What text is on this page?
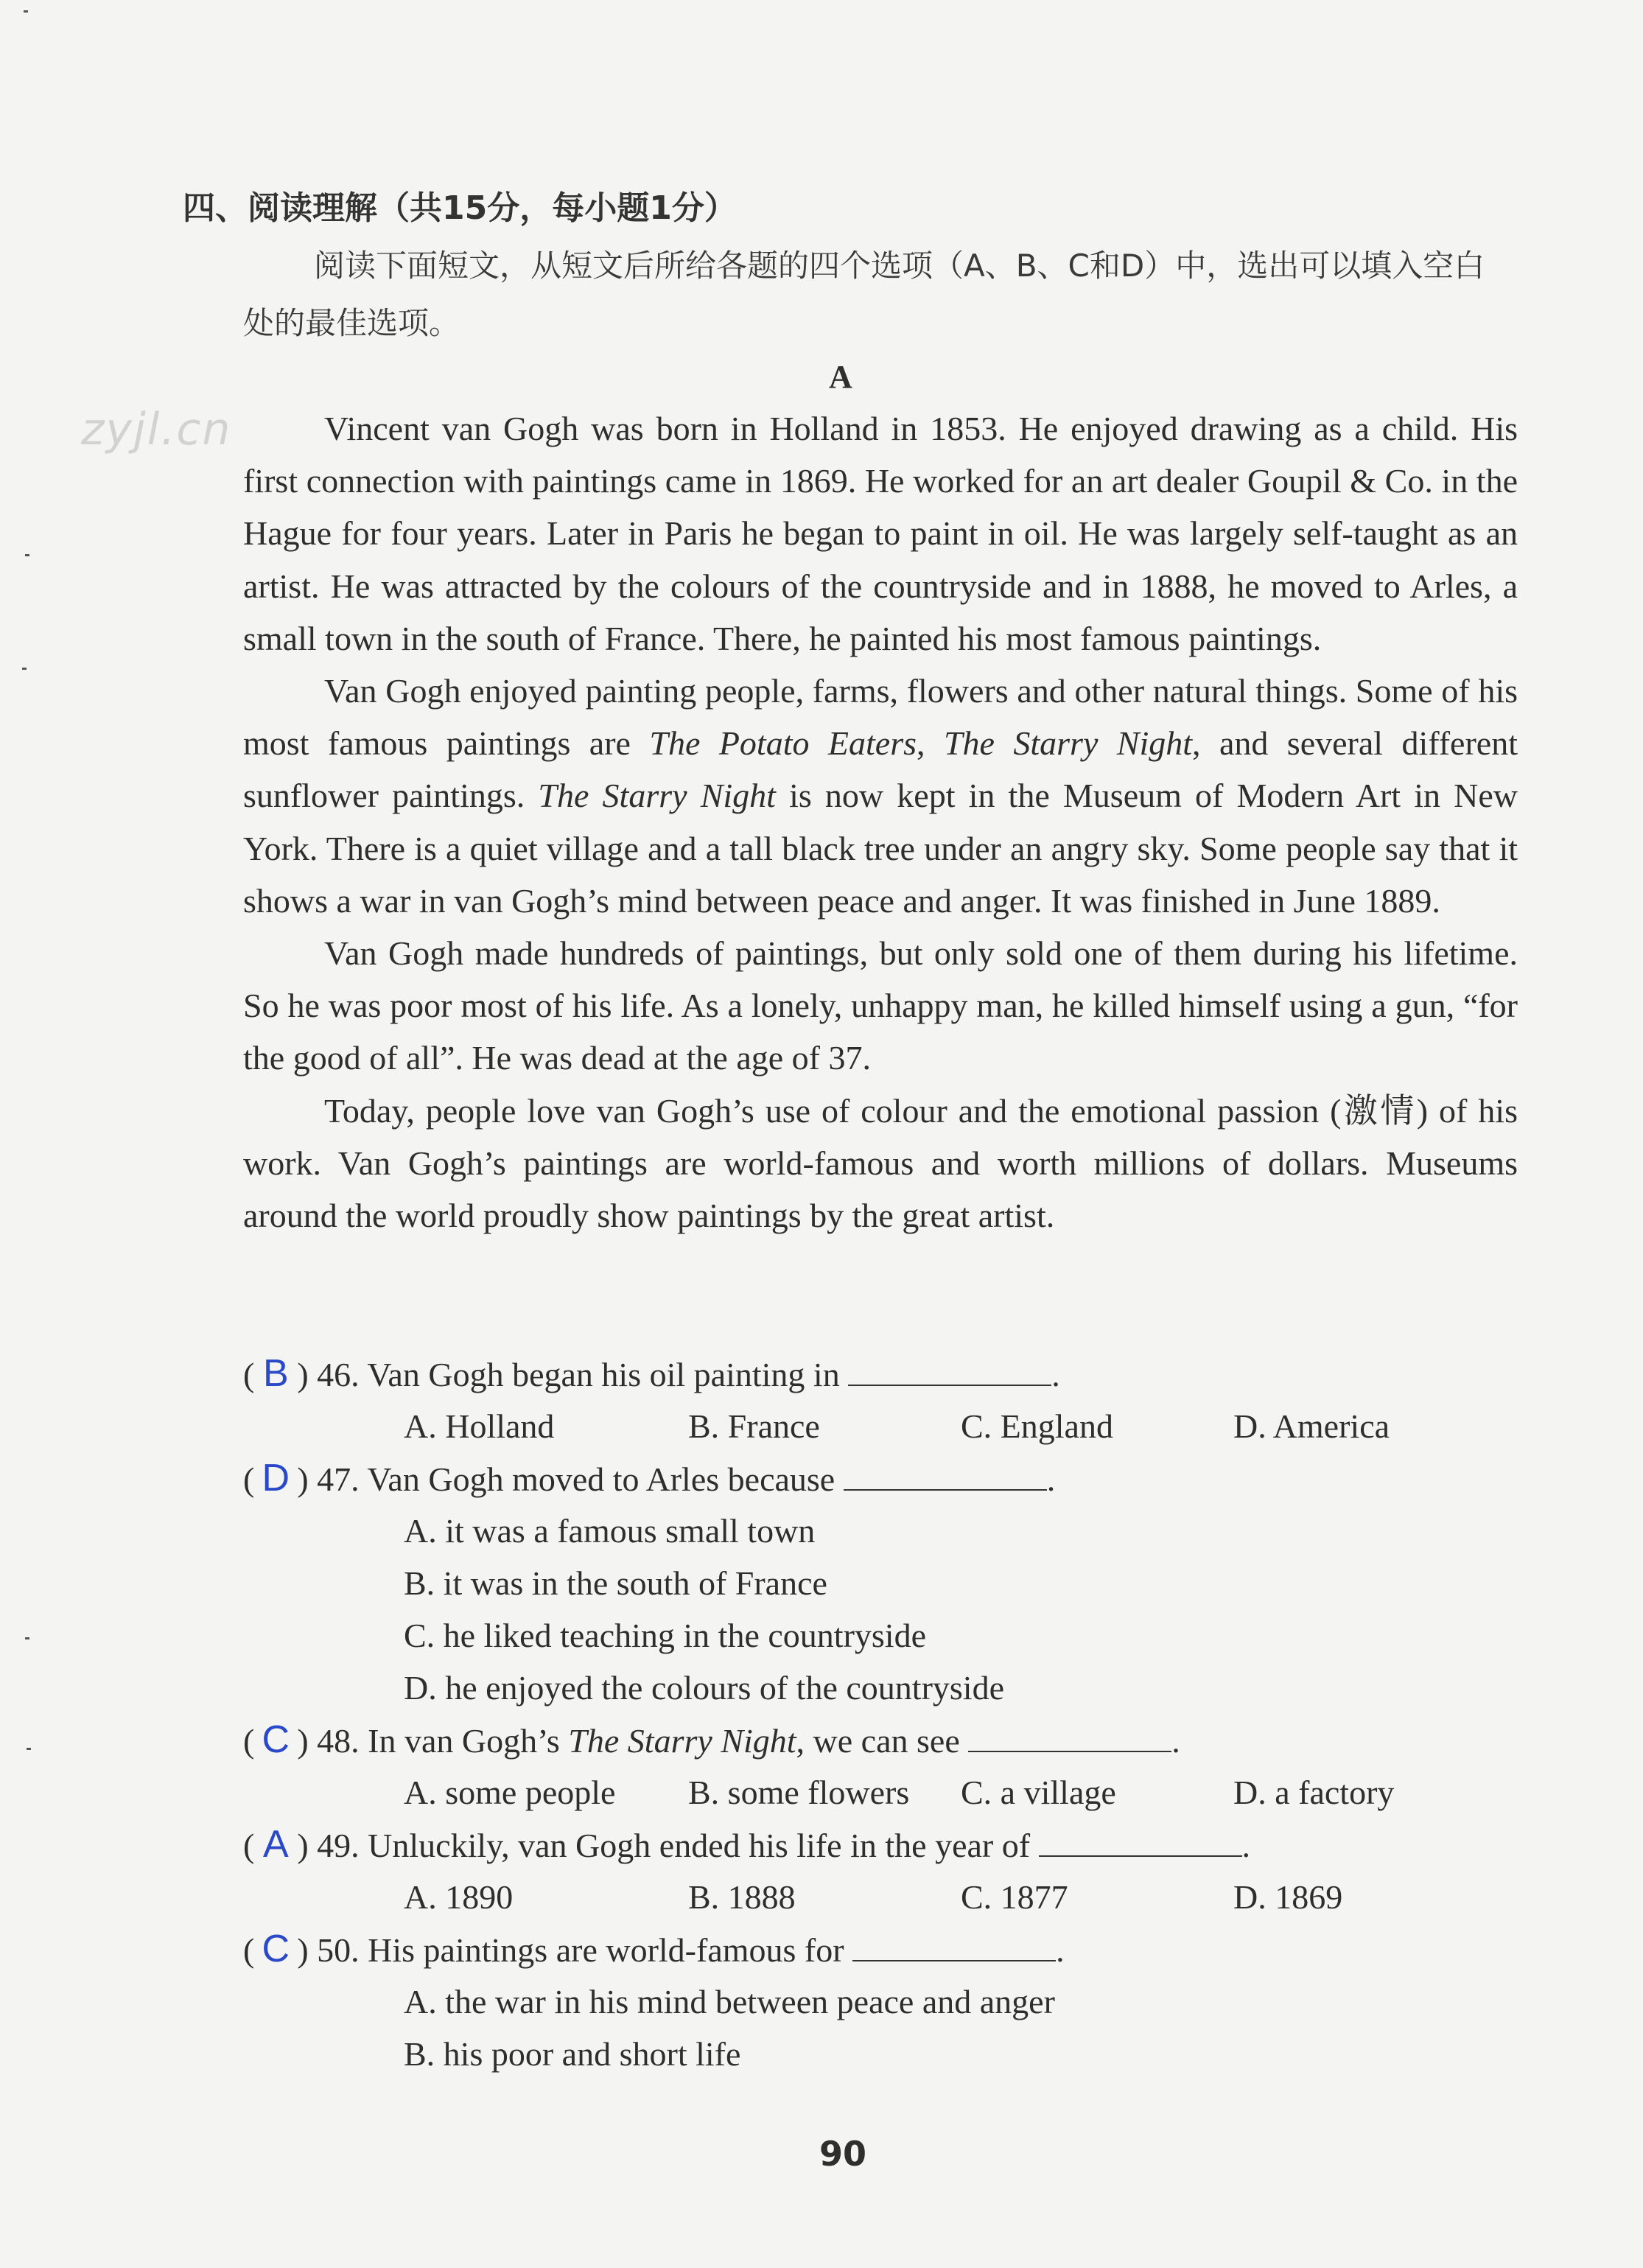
zyjl.cn
四、阅读理解（共15分，每小题1分）
阅读下面短文，从短文后所给各题的四个选项（A、B、C和D）中，选出可以填入空白处的最佳选项。
A

Vincent van Gogh was born in Holland in 1853. He enjoyed drawing as a child. His first connection with paintings came in 1869. He worked for an art dealer Goupil & Co. in the Hague for four years. Later in Paris he began to paint in oil. He was largely self-taught as an artist. He was attracted by the colours of the countryside and in 1888, he moved to Arles, a small town in the south of France. There, he painted his most famous paintings.

Van Gogh enjoyed painting people, farms, flowers and other natural things. Some of his most famous paintings are The Potato Eaters, The Starry Night, and several different sunflower paintings. The Starry Night is now kept in the Museum of Modern Art in New York. There is a quiet village and a tall black tree under an angry sky. Some people say that it shows a war in van Gogh’s mind between peace and anger. It was finished in June 1889.

Van Gogh made hundreds of paintings, but only sold one of them during his lifetime. So he was poor most of his life. As a lonely, unhappy man, he killed himself using a gun, “for the good of all”. He was dead at the age of 37.

Today, people love van Gogh’s use of colour and the emotional passion (激情) of his work. Van Gogh’s paintings are world-famous and worth millions of dollars. Museums around the world proudly show paintings by the great artist.

( B ) 46. Van Gogh began his oil painting in	.
A. Holland	B. France	C. England	D. America
( D ) 47. Van Gogh moved to Arles because	.
A. it was a famous small town
B. it was in the south of France
C. he liked teaching in the countryside
D. he enjoyed the colours of the countryside
( C ) 48. In van Gogh’s The Starry Night, we can see	.
A. some people B. some flowers C. a village	D. a factory
( A ) 49. Unluckily, van Gogh ended his life in the year of	.
A. 1890	B. 1888	C. 1877	D. 1869
( C ) 50. His paintings are world-famous for	.
A. the war in his mind between peace and anger
B. his poor and short life
90
